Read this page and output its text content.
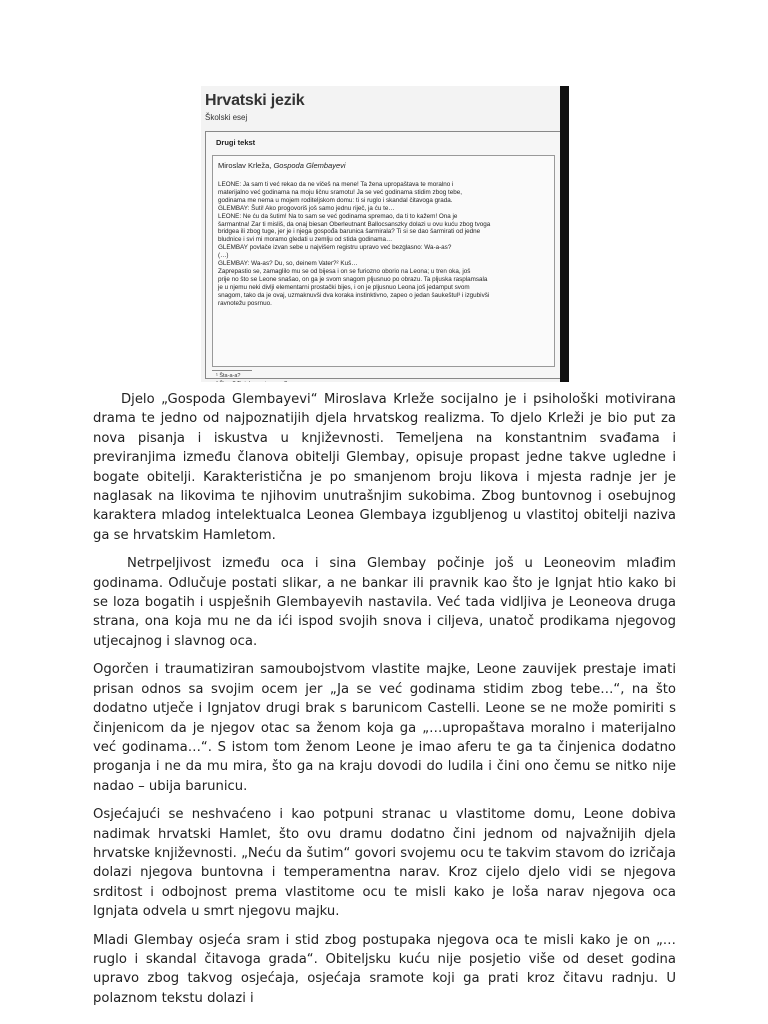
Hrvatski jezik
Školski esej
Drugi tekst
Miroslav Krleža, Gospoda Glembayevi
LEONE: Ja sam ti već rekao da ne vičeš na mene! Ta žena upropaštava te moralno i
materijalno već godinama na moju ličnu sramotu! Ja se već godinama stidim zbog tebe,
godinama me nema u mojem roditeljskom domu: ti si ruglo i skandal čitavoga grada.
GLEMBAY: Šuti! Ako progovoriš još samo jednu riječ, ja ću te…
LEONE: Ne ću da šutim! Na to sam se već godinama spremao, da ti to kažem! Ona je
šarmantna! Zar ti misliš, da onaj biesan Oberleutnant Ballocsanszky dolazi u ovu kuću zbog tvoga
bridgea ili zbog tuge, jer je i njega gospođa barunica šarmirala? Ti si se dao šarmirati od jedne
bludnice i svi mi moramo gledati u zemlju od stida godinama…
GLEMBAY povlače izvan sebe u najvišem registru upravo već bezglasno: Wa-a-as?
(…)
GLEMBAY: Wa-as? Du, so, deinem Vater?² Kuš…
Zaprepastio se, zamaglilo mu se od bijesa i on se furiozno oborio na Leona; u tren oka, još
prije no što se Leone snašao, on ga je svom snagom pljusnuo po obrazu. Ta pljuska rasplamsala
je u njemu neki divlji elementarni prostački bijes, i on je pljusnuo Leona još jedamput svom
snagom, tako da je ovaj, uzmaknuvši dva koraka instinktivno, zapeo o jedan šaukeštul³ i izgubivši
ravnotežu posrnuo.
¹ Šta-a-a?

Djelo „Gospoda Glembayevi“ Miroslava Krleže socijalno je i psihološki motivirana drama te jedno od najpoznatijih djela hrvatskog realizma. To djelo Krleži je bio put za nova pisanja i iskustva u književnosti. Temeljena na konstantnim svađama i previranjima između članova obitelji Glembay, opisuje propast jedne takve ugledne i bogate obitelji. Karakteristična je po smanjenom broju likova i mjesta radnje jer je naglasak na likovima te njihovim unutrašnjim sukobima. Zbog buntovnog i osebujnog karaktera mladog intelektualca Leonea Glembaya izgubljenog u vlastitoj obitelji naziva ga se hrvatskim Hamletom.

Netrpeljivost između oca i sina Glembay počinje još u Leoneovim mlađim godinama. Odlučuje postati slikar, a ne bankar ili pravnik kao što je Ignjat htio kako bi se loza bogatih i uspješnih Glembayevih nastavila. Već tada vidljiva je Leoneova druga strana, ona koja mu ne da ići ispod svojih snova i ciljeva, unatoč prodikama njegovog utjecajnog i slavnog oca.

Ogorčen i traumatiziran samoubojstvom vlastite majke, Leone zauvijek prestaje imati prisan odnos sa svojim ocem jer „Ja se već godinama stidim zbog tebe…“, na što dodatno utječe i Ignjatov drugi brak s barunicom Castelli. Leone se ne može pomiriti s činjenicom da je njegov otac sa ženom koja ga „…upropaštava moralno i materijalno već godinama…“. S istom tom ženom Leone je imao aferu te ga ta činjenica dodatno proganja i ne da mu mira, što ga na kraju dovodi do ludila i čini ono čemu se nitko nije nadao – ubija barunicu.

Osjećajući se neshvaćeno i kao potpuni stranac u vlastitome domu, Leone dobiva nadimak hrvatski Hamlet, što ovu dramu dodatno čini jednom od najvažnijih djela hrvatske književnosti. „Neću da šutim“ govori svojemu ocu te takvim stavom do izričaja dolazi njegova buntovna i temperamentna narav. Kroz cijelo djelo vidi se njegova srditost i odbojnost prema vlastitome ocu te misli kako je loša narav njegova oca Ignjata odvela u smrt njegovu majku.

Mladi Glembay osjeća sram i stid zbog postupaka njegova oca te misli kako je on „…ruglo i skandal čitavoga grada“. Obiteljsku kuću nije posjetio više od deset godina upravo zbog takvog osjećaja, osjećaja sramote koji ga prati kroz čitavu radnju. U polaznom tekstu dolazi i
